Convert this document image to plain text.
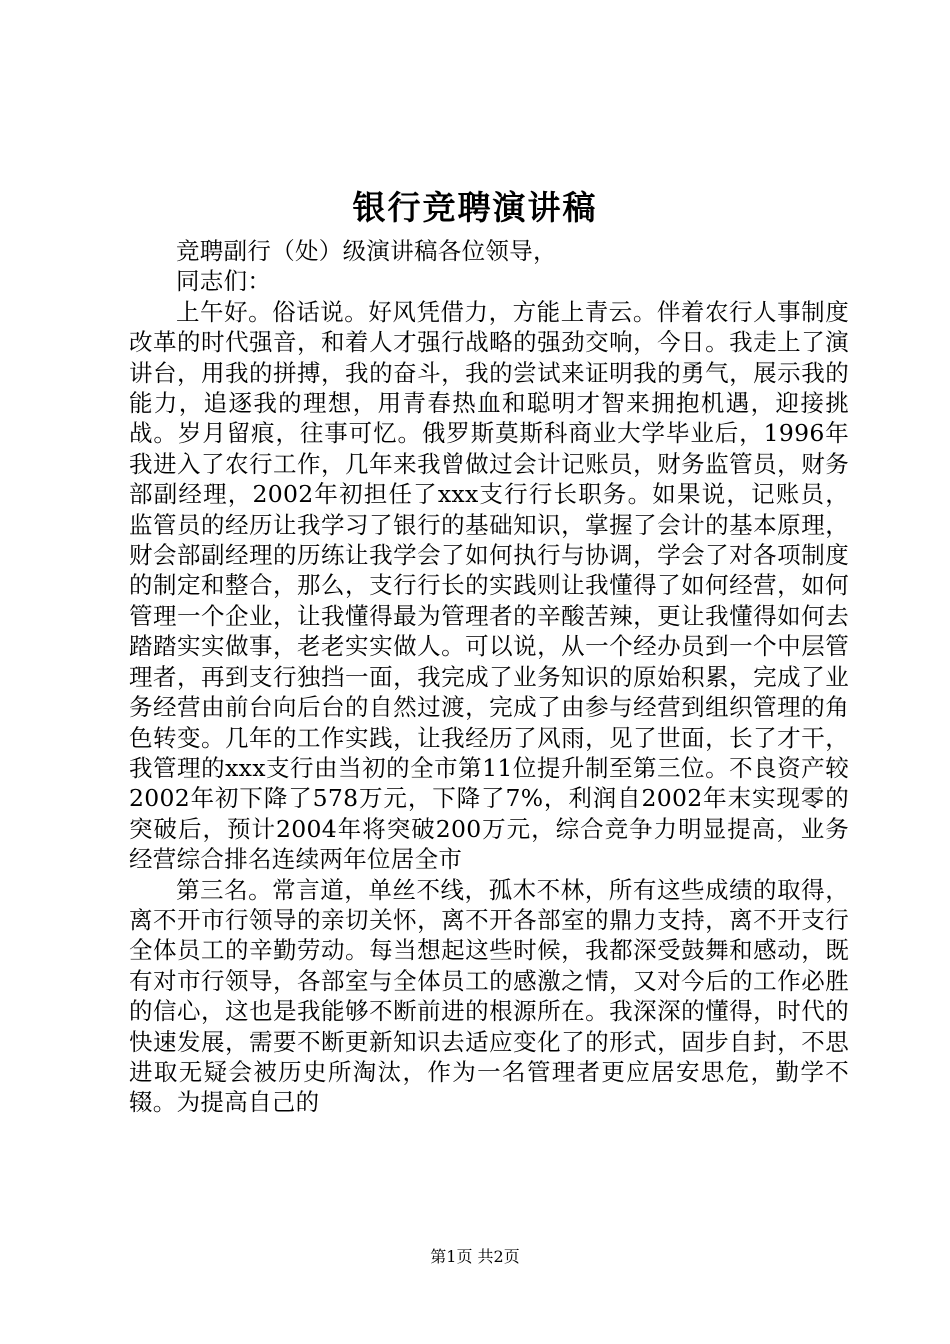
银行竞聘演讲稿

竞聘副行（处）级演讲稿各位领导，

同志们：

上午好。俗话说。好风凭借力，方能上青云。伴着农行人事制度改革的时代强音，和着人才强行战略的强劲交响，今日。我走上了演讲台，用我的拼搏，我的奋斗，我的尝试来证明我的勇气，展示我的能力，追逐我的理想，用青春热血和聪明才智来拥抱机遇，迎接挑战。岁月留痕，往事可忆。俄罗斯莫斯科商业大学毕业后，1996年我进入了农行工作，几年来我曾做过会计记账员，财务监管员，财务部副经理，2002年初担任了xxx支行行长职务。如果说，记账员，监管员的经历让我学习了银行的基础知识，掌握了会计的基本原理，财会部副经理的历练让我学会了如何执行与协调，学会了对各项制度的制定和整合，那么，支行行长的实践则让我懂得了如何经营，如何管理一个企业，让我懂得最为管理者的辛酸苦辣，更让我懂得如何去踏踏实实做事，老老实实做人。可以说，从一个经办员到一个中层管理者，再到支行独挡一面，我完成了业务知识的原始积累，完成了业务经营由前台向后台的自然过渡，完成了由参与经营到组织管理的角色转变。几年的工作实践，让我经历了风雨，见了世面，长了才干，我管理的xxx支行由当初的全市第11位提升制至第三位。不良资产较2002年初下降了578万元，下降了7%，利润自2002年末实现零的突破后，预计2004年将突破200万元，综合竞争力明显提高，业务经营综合排名连续两年位居全市

第三名。常言道，单丝不线，孤木不林，所有这些成绩的取得，离不开市行领导的亲切关怀，离不开各部室的鼎力支持，离不开支行全体员工的辛勤劳动。每当想起这些时候，我都深受鼓舞和感动，既有对市行领导，各部室与全体员工的感激之情，又对今后的工作必胜的信心，这也是我能够不断前进的根源所在。我深深的懂得，时代的快速发展，需要不断更新知识去适应变化了的形式，固步自封，不思进取无疑会被历史所淘汰，作为一名管理者更应居安思危，勤学不辍。为提高自己的

第1页 共2页
